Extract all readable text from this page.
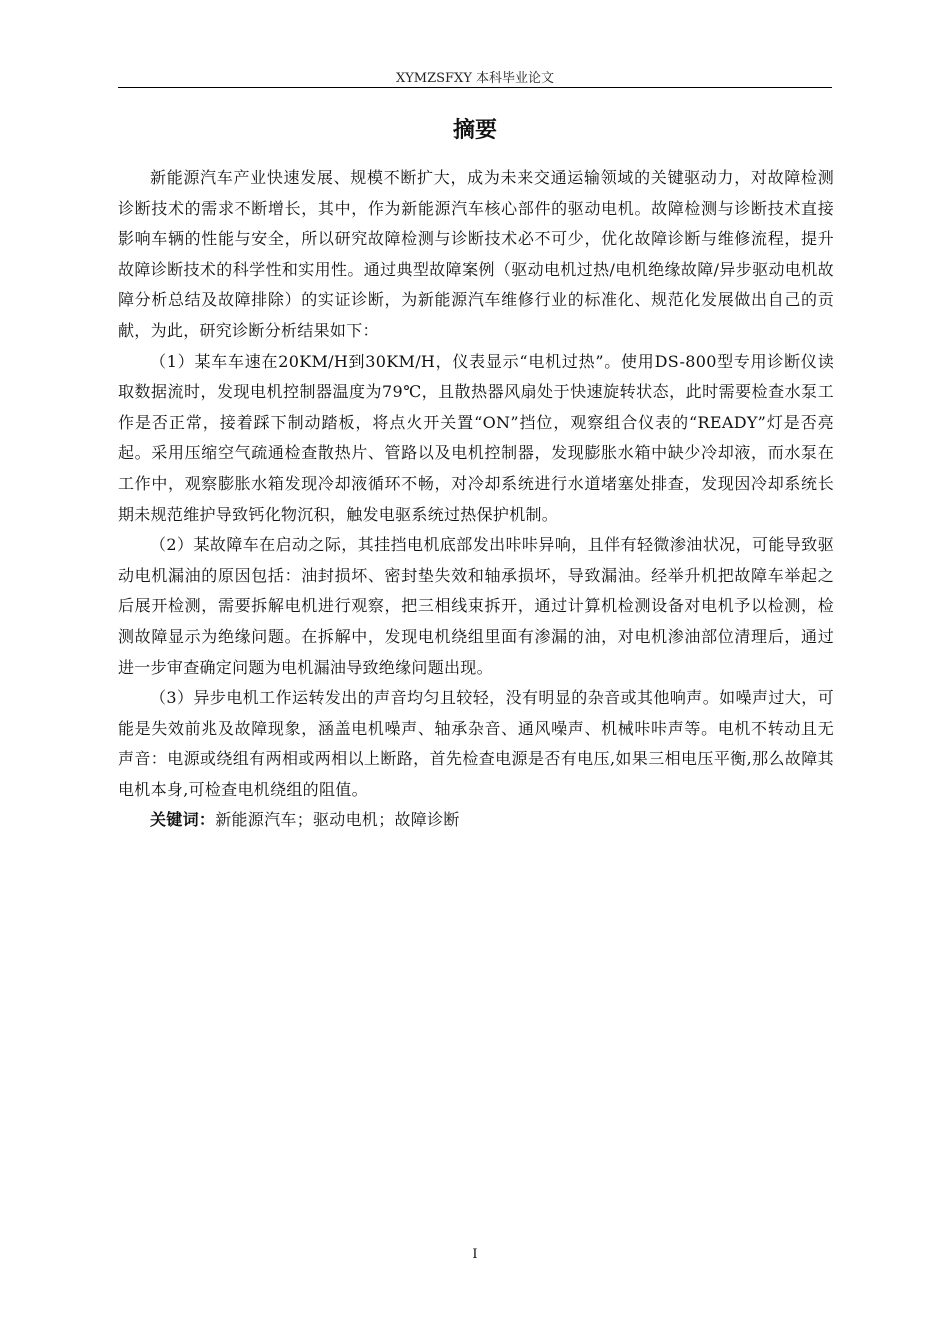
XYMZSFXY 本科毕业论文
摘要

新能源汽车产业快速发展、规模不断扩大，成为未来交通运输领域的关键驱动力，对故障检测诊断技术的需求不断增长，其中，作为新能源汽车核心部件的驱动电机。故障检测与诊断技术直接影响车辆的性能与安全，所以研究故障检测与诊断技术必不可少，优化故障诊断与维修流程，提升故障诊断技术的科学性和实用性。通过典型故障案例（驱动电机过热/电机绝缘故障/异步驱动电机故障分析总结及故障排除）的实证诊断，为新能源汽车维修行业的标准化、规范化发展做出自己的贡献，为此，研究诊断分析结果如下：

（1）某车车速在20KM/H到30KM/H，仪表显示“电机过热”。使用DS-800型专用诊断仪读取数据流时，发现电机控制器温度为79℃，且散热器风扇处于快速旋转状态，此时需要检查水泵工作是否正常，接着踩下制动踏板，将点火开关置“ON”挡位，观察组合仪表的“READY”灯是否亮起。采用压缩空气疏通检查散热片、管路以及电机控制器，发现膨胀水箱中缺少冷却液，而水泵在工作中，观察膨胀水箱发现冷却液循环不畅，对冷却系统进行水道堵塞处排查，发现因冷却系统长期未规范维护导致钙化物沉积，触发电驱系统过热保护机制。

（2）某故障车在启动之际，其挂挡电机底部发出咔咔异响，且伴有轻微渗油状况，可能导致驱动电机漏油的原因包括：油封损坏、密封垫失效和轴承损坏，导致漏油。经举升机把故障车举起之后展开检测，需要拆解电机进行观察，把三相线束拆开，通过计算机检测设备对电机予以检测，检测故障显示为绝缘问题。在拆解中，发现电机绕组里面有渗漏的油，对电机渗油部位清理后，通过进一步审查确定问题为电机漏油导致绝缘问题出现。

（3）异步电机工作运转发出的声音均匀且较轻，没有明显的杂音或其他响声。如噪声过大，可能是失效前兆及故障现象，涵盖电机噪声、轴承杂音、通风噪声、机械咔咔声等。电机不转动且无声音：电源或绕组有两相或两相以上断路，首先检查电源是否有电压,如果三相电压平衡,那么故障其电机本身,可检查电机绕组的阻值。

关键词：新能源汽车；驱动电机；故障诊断

I
